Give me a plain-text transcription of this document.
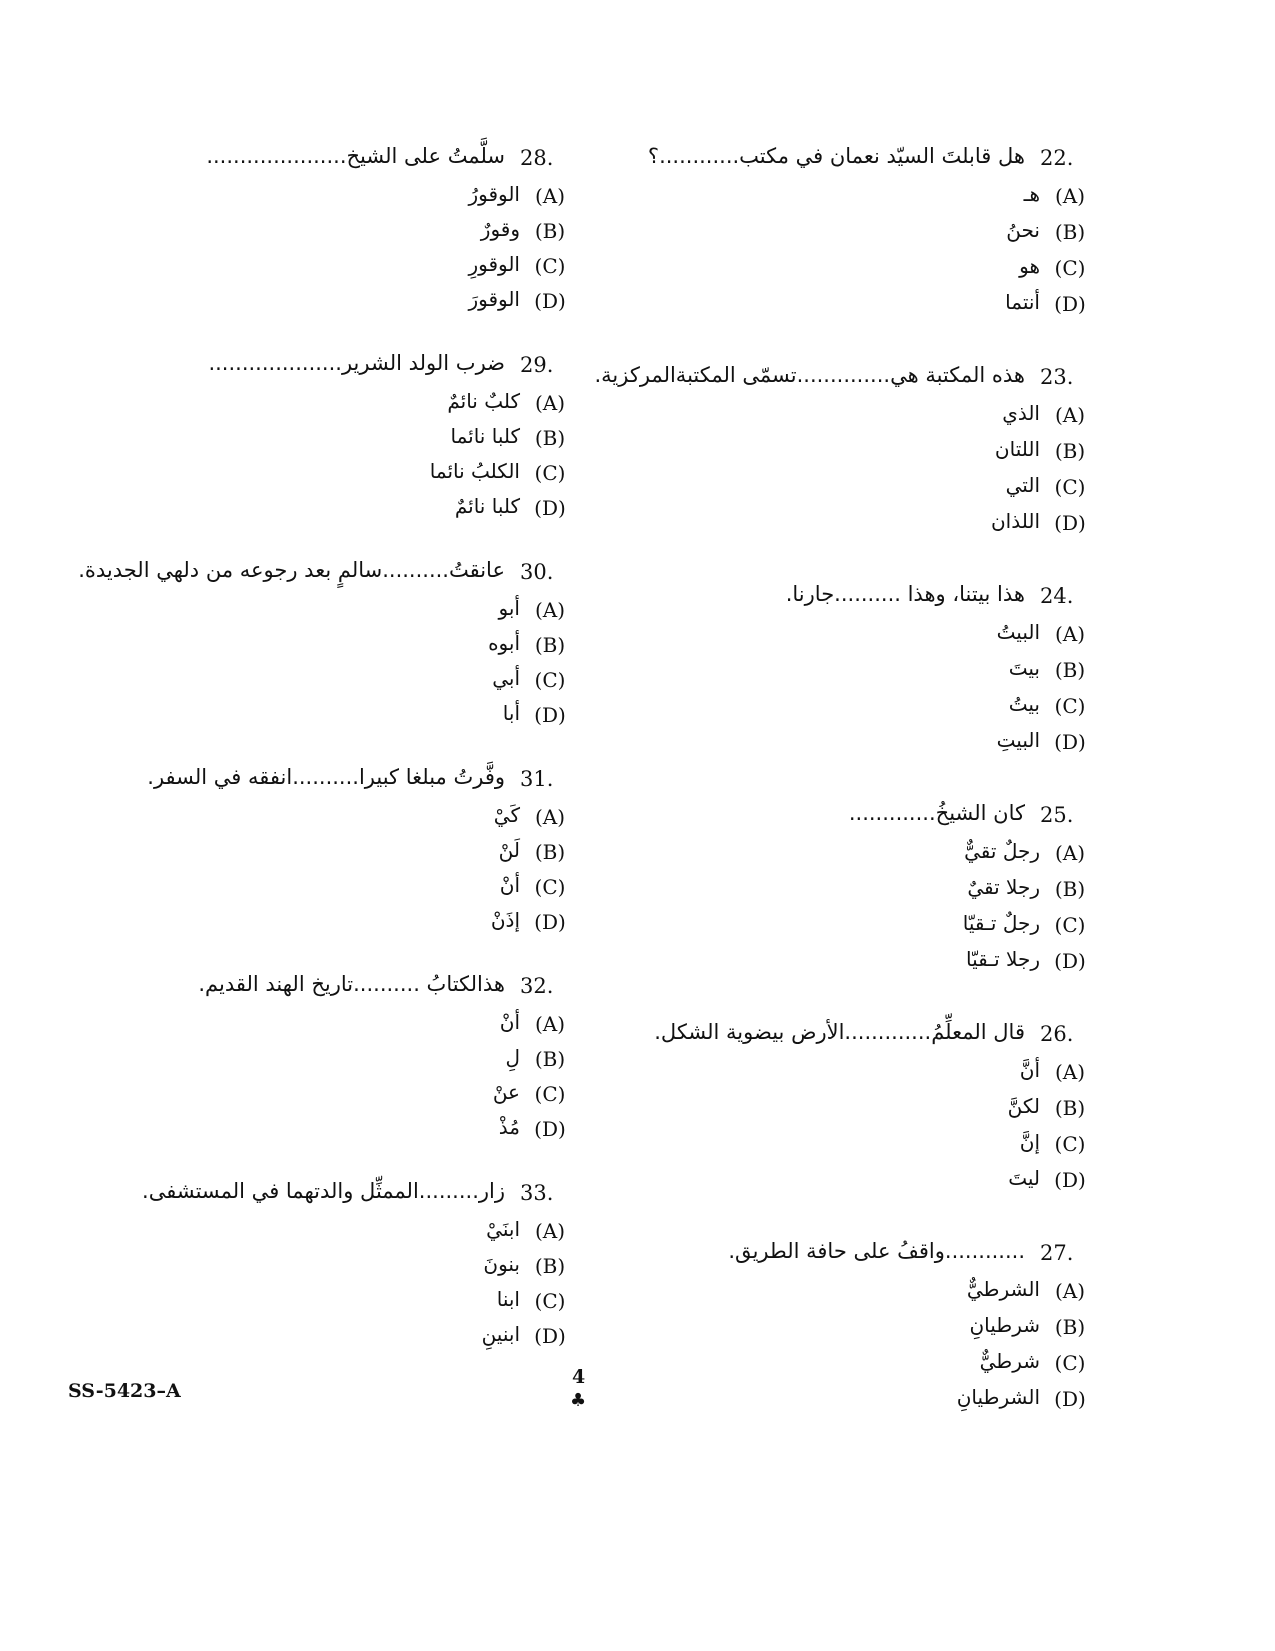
22.
هل قابلتَ السيّد نعمان في مكتب............؟
(A)
هـ
(B)
نحنُ
(C)
هو
(D)
أنتما
23.
هذه المكتبة هي..............تسمّى المكتبةالمركزية.
(A)
الذي
(B)
اللتان
(C)
التي
(D)
اللذان
24.
هذا بيتنا، وهذا ..........جارنا.
(A)
البيتُ
(B)
بيتَ
(C)
بيتُ
(D)
البيتِ
25.
كان الشيخُ.............
(A)
رجلٌ تقيٌّ
(B)
رجلا تقيٌ
(C)
رجلٌ تـقيّا
(D)
رجلا تـقيّا
26.
قال المعلِّمُ.............الأرض بيضوية الشكل.
(A)
أنَّ
(B)
لكنَّ
(C)
إنَّ
(D)
ليتَ
27.
............واقفُ على حافة الطريق.
(A)
الشرطيٌّ
(B)
شرطيانِ
(C)
شرطيٌّ
(D)
الشرطيانِ
28.
سلَّمتُ على الشيخ.....................
(A)
الوقورُ
(B)
وقورٌ
(C)
الوقورِ
(D)
الوقورَ
29.
ضرب الولد الشرير....................
(A)
كلبٌ نائمٌ
(B)
كلبا نائما
(C)
الكلبُ نائما
(D)
كلبا نائمٌ
30.
عانقتُ..........سالمٍ بعد رجوعه من دلهي الجديدة.
(A)
أبو
(B)
أبوه
(C)
أبي
(D)
أبا
31.
وفَّرتُ مبلغا كبيرا..........انفقه في السفر.
(A)
كَيْ
(B)
لَنْ
(C)
أنْ
(D)
إذَنْ
32.
هذالكتابُ ..........تاريخ الهند القديم.
(A)
أنْ
(B)
لِ
(C)
عنْ
(D)
مُذْ
33.
زار.........الممثِّل والدتهما في المستشفى.
(A)
ابنَيْ
(B)
بنونَ
(C)
ابنا
(D)
ابنينِ
SS-5423–A
4
♣
